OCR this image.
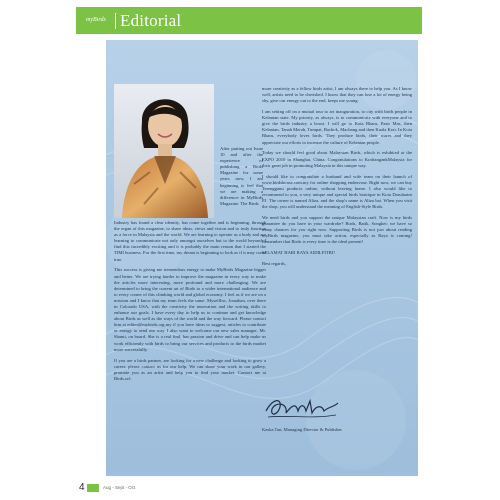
myBirds Editorial

After putting out Issue 10 and after the experience of publishing a Birds Magazine for some years now, I am beginning to feel that we are making a difference in MyBirds Magazine. The Birds

Industry has found a clear identity, has come together and is beginning, through the organ of this magazine, to share ideas, views and vision and to truly function as a force in Malaysia and the world. We are learning to operate as a body and are learning to communicate not only amongst ourselves but to the world beyond. I find this incredibly exciting and it is probably the main reason that I started the TIMI business. For the first time, my dream is beginning to look as if it may come true.

This success is giving me tremendous energy to make MyBirds Magazine bigger and better. We are trying harder to improve the magazine in every way to make the articles more interesting, more profound and more challenging. We are determined to bring the current art of Birds to a wider international audience and to every corner of this climbing world and global economy. I feel as if we are on a mission and I know that my team feels the same. MyselfInc, Jonathan, over there in Colorado USA, with the creativity the innovation and the writing skills to enhance our goals. I have every day to help us to continue and get knowledge about Birds as well as the ways of the world and the way forward. Please contact him at editor@mybirds.org.my if you have ideas to suggest, articles to contribute or energy to send our way. I also want to welcome our new sales manager, Mr. Shanti, on board. She is a real find, has passion and drive and can help make us work efficiently with birds to bring our services and products to the birds market more successfully.

If you are a birds partner, are looking for a new challenge and looking to grow a career, please contact us for our help. We can share your work in our gallery, promote you as an artist and help you to find your market. Contact me at Birds.orf.

more creativity as a fellow birds artist, I am always there to help you. As I know well, artists need to be cherished. I know that they can lose a lot of energy being shy, give our energy out to the end, keeps me young.

I am setting off on a mutual tour to art inauguration, to city with birds people in Kelantan state. My priority, as always, is to communicate with everyone and to give the birds industry a boost. I will go to Kota Bharu, Pasir Mas, then Kelantan, Tanah Merah, Tumpat, Bachok, Machang and then Kuala Krai. In Kota Bharu, everybody loves birds. They produce birds, their wares and they appreciate our efforts to increase the culture of Kelantan people.

Today we should feel good about Malaysian Birds, which is exhibited at the EXPO 2010 in Shanghai, China. Congratulations to KraftangankMalaysia for their great job in promoting Malaysia in this unique way.

I should like to congratulate a husband and wife team on their launch of www.birdshouse.com.my for online shopping endeavour. Right now, we can buy Terengganu products online, without leaving home. I also would like to recommend to you, a very unique and special birds boutique in Kota Darulnaim PJ. The owner is named Aliza, and the shop's name is Aliza bai. When you visit the shop, you will understand the meaning of English-Style Birds.

We need birds and you support the unique Malaysian craft. Now is my birds guarantee do you have in your wardrobe? Birds, Batik, Songket: we have so many chances for you right now. Supporting Birds is not just about reading myBirds magazine, you must take action, especially as Raya is coming! Remember that Birds is every time is the ideal present!

SELAMAT HARI RAYA AIDILFITRI!

Best regards,

Kasha Tan, Managing Director & Publisher
4	Aug - Sept - Oct
